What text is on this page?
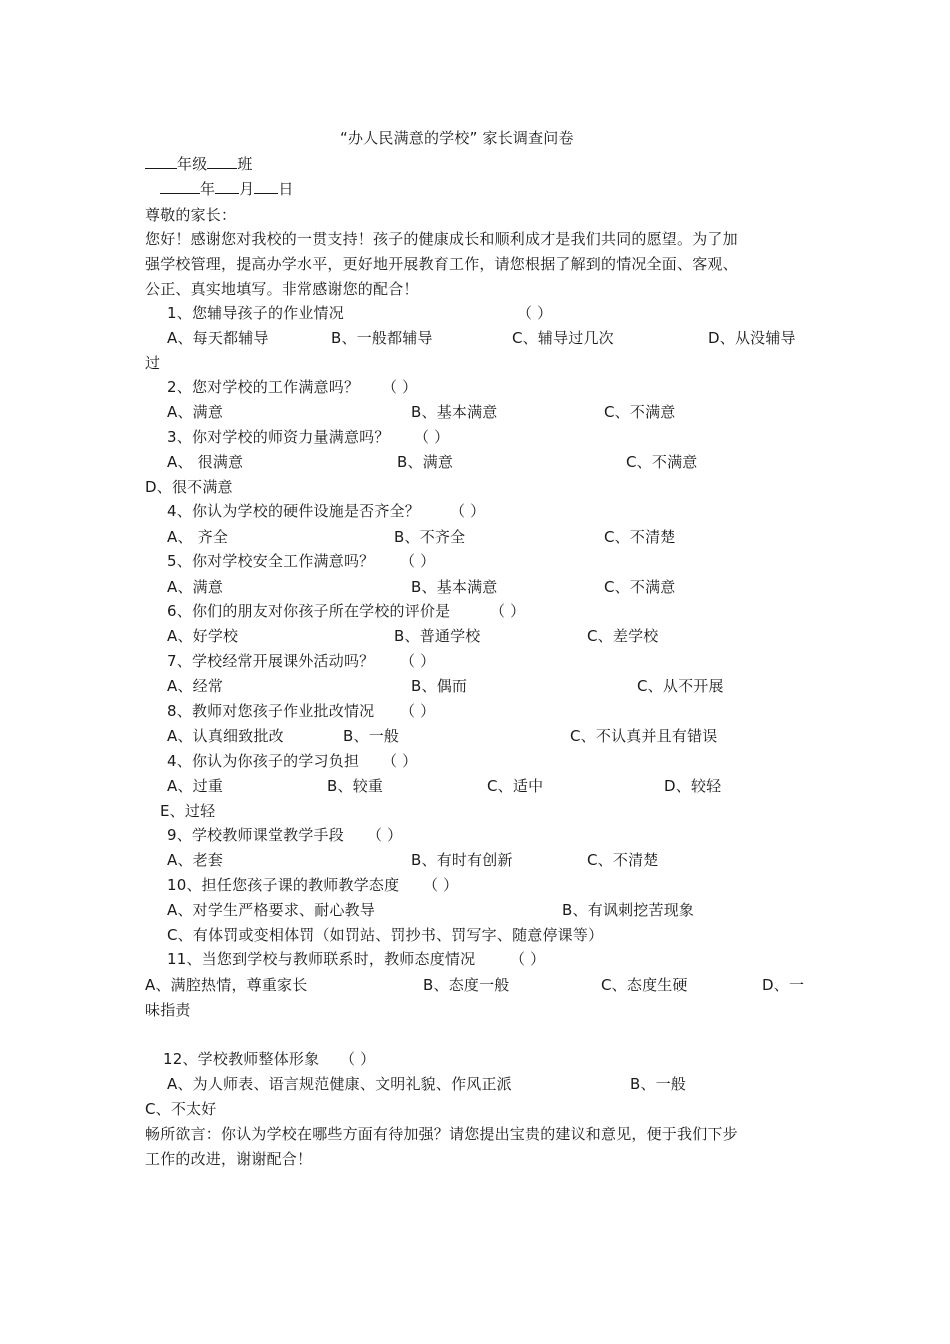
“办人民满意的学校” 家长调查问卷
年级 班
年 月 日
尊敬的家长：
您好！感谢您对我校的一贯支持！孩子的健康成长和顺利成才是我们共同的愿望。为了加
强学校管理，提高办学水平，更好地开展教育工作，请您根据了解到的情况全面、客观、
公正、真实地填写。非常感谢您的配合！
1、您辅导孩子的作业情况	（ ）
A、每天都辅导	B、一般都辅导	C、辅导过几次	D、从没辅导
过
2、您对学校的工作满意吗？ （ ）
A、满意	B、基本满意	C、不满意
3、你对学校的师资力量满意吗？ （ ）
A、 很满意	B、满意	C、不满意
D、很不满意
4、你认为学校的硬件设施是否齐全？ （ ）
A、 齐全	B、不齐全	C、不清楚
5、你对学校安全工作满意吗？ （ ）
A、满意	B、基本满意	C、不满意
6、你们的朋友对你孩子所在学校的评价是	（ ）
A、好学校	B、普通学校	C、差学校
7、学校经常开展课外活动吗？ （ ）
A、经常	B、偶而	C、从不开展
8、教师对您孩子作业批改情况 （ ）
A、认真细致批改	B、一般	C、不认真并且有错误
4、你认为你孩子的学习负担 （ ）
A、过重	B、较重	C、适中	D、较轻
E、过轻
9、学校教师课堂教学手段 （ ）
A、老套	B、有时有创新	C、不清楚
10、担任您孩子课的教师教学态度 （ ）
A、对学生严格要求、耐心教导	B、有讽刺挖苦现象
C、有体罚或变相体罚（如罚站、罚抄书、罚写字、随意停课等）
11、当您到学校与教师联系时，教师态度情况 （ ）
A、满腔热情，尊重家长	B、态度一般	C、态度生硬	D、一
味指责
12、学校教师整体形象 （ ）
A、为人师表、语言规范健康、文明礼貌、作风正派	B、一般
C、不太好
畅所欲言：你认为学校在哪些方面有待加强？请您提出宝贵的建议和意见，便于我们下步
工作的改进，谢谢配合！
